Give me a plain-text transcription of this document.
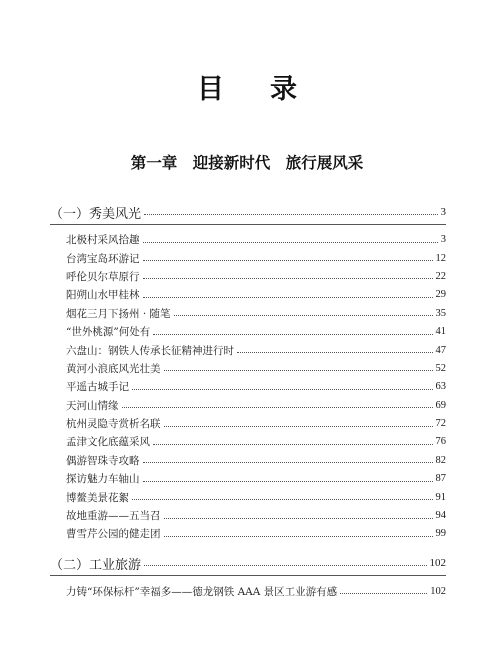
目 录
第一章　迎接新时代　旅行展风采
（一）秀美风光	3
北极村采风拾趣	3
台湾宝岛环游记	12
呼伦贝尔草原行	22
阳朔山水甲桂林	29
烟花三月下扬州 · 随笔	35
“世外桃源”何处有	41
六盘山：钢铁人传承长征精神进行时	47
黄河小浪底风光壮美	52
平遥古城手记	63
天河山情缘	69
杭州灵隐寺赏析名联	72
孟津文化底蕴采风	76
偶游智珠寺攻略	82
探访魅力车轴山	87
博鳌美景花絮	91
故地重游——五当召	94
曹雪芹公园的健走团	99
（二）工业旅游	102
力铸“环保标杆”幸福多——德龙钢铁 AAA 景区工业游有感	102
